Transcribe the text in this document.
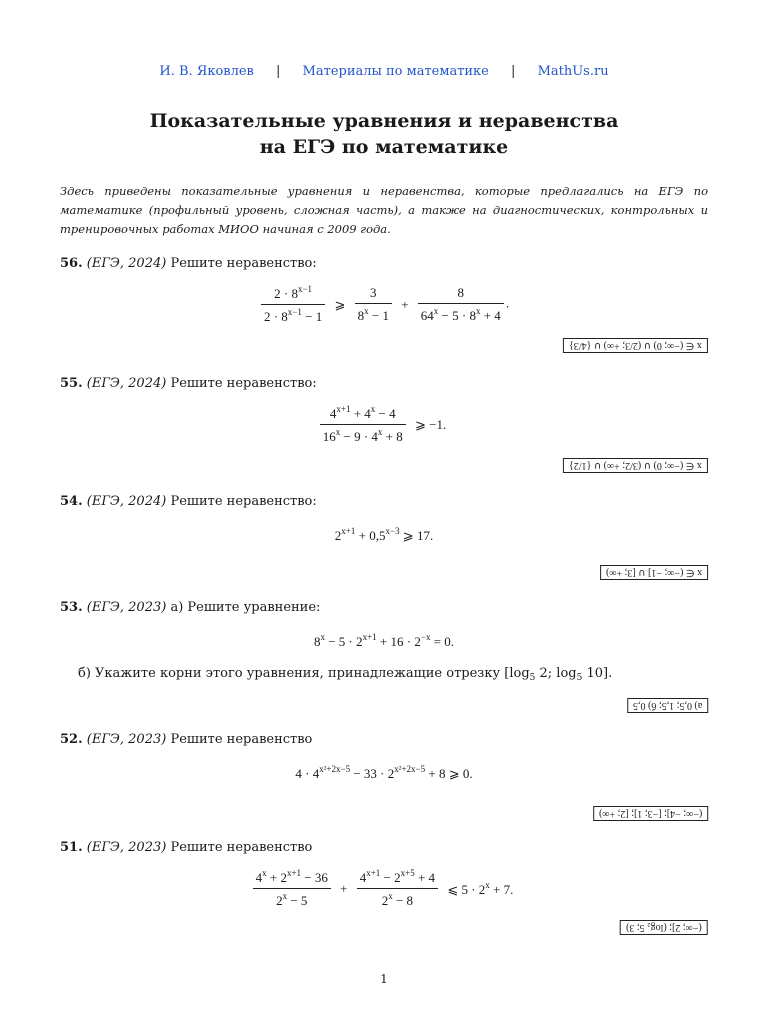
И. В. Яковлев | Материалы по математике | MathUs.ru
Показательные уравнения и неравенства
на ЕГЭ по математике
Здесь приведены показательные уравнения и неравенства, которые предлагались на ЕГЭ по математике (профильный уровень, сложная часть), а также на диагностических, контрольных и тренировочных работах МИОО начиная с 2009 года.
56. (ЕГЭ, 2024) Решите неравенство:
$\frac{2 \cdot 8^{x-1}}{2 \cdot 8^{x-1} - 1}$ ⩾ $\frac{3}{8^x - 1} + \frac{8}{64^x - 5 \cdot 8^x + 4}$ .
x ∈ (−∞; 0) ∪ (2/3; +∞) ∪ {4/3}
55. (ЕГЭ, 2024) Решите неравенство:
$\frac{4^{x+1} + 4^x - 4}{16^x - 9 \cdot 4^x + 8}$ ⩾ −1.
x ∈ (−∞; 0) ∪ (3/2; +∞) ∪ {1/2}
54. (ЕГЭ, 2024) Решите неравенство:
$2^{x+1} + 0,5^{x-3}$ ⩾ 17.
x ∈ (−∞; −1] ∪ [3; +∞)
53. (ЕГЭ, 2023) а) Решите уравнение:
$8^x - 5 \cdot 2^{x+1} + 16 \cdot 2^{-x} = 0$.
б) Укажите корни этого уравнения, принадлежащие отрезку [$\log_5$ 2; $\log_5 10$].
а) 0,5; 1,5; б) 0,5
52. (ЕГЭ, 2023) Решите неравенство
$4 \cdot 4^{x^2+2x-5} - 33 \cdot 2^{x^2+2x-5} + 8$ ⩾ 0.
(−∞; −4]; [−3; 1]; [2; +∞)
51. (ЕГЭ, 2023) Решите неравенство
$\frac{4^x + 2^{x+1} - 36}{2^x - 5} + \frac{4^{x+1} - 2^{x+5} + 4}{2^x - 8}$ ⩽ $5 \cdot 2^x + 7$.
(−∞; 2]; (log₂ 5; 3)
1
